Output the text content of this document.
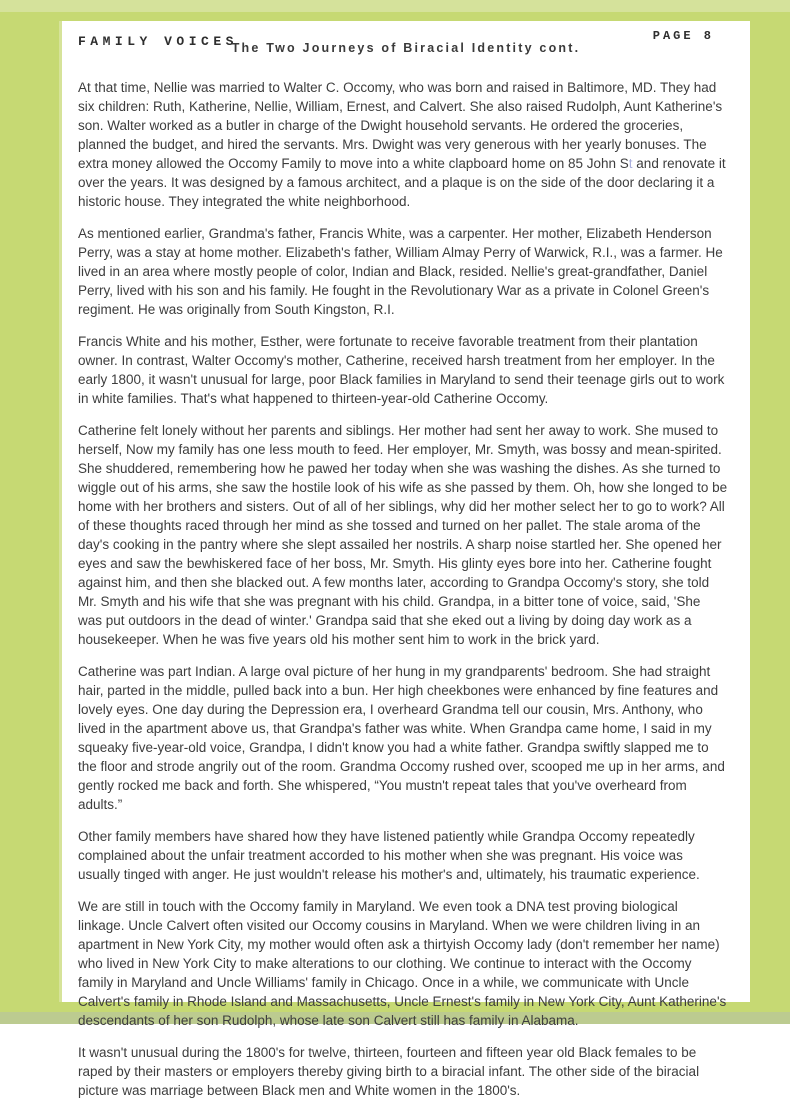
FAMILY VOICES
The Two Journeys of Biracial Identity cont.
PAGE 8

At that time, Nellie was married to Walter C. Occomy, who was born and raised in Baltimore, MD. They had six children: Ruth, Katherine, Nellie, William, Ernest, and Calvert. She also raised Rudolph, Aunt Katherine's son. Walter worked as a butler in charge of the Dwight household servants. He ordered the groceries, planned the budget, and hired the servants. Mrs. Dwight was very generous with her yearly bonuses. The extra money allowed the Occomy Family to move into a white clapboard home on 85 John St and renovate it over the years. It was designed by a famous architect, and a plaque is on the side of the door declaring it a historic house. They integrated the white neighborhood.

As mentioned earlier, Grandma's father, Francis White, was a carpenter. Her mother, Elizabeth Henderson Perry, was a stay at home mother. Elizabeth's father, William Almay Perry of Warwick, R.I., was a farmer. He lived in an area where mostly people of color, Indian and Black, resided. Nellie's great-grandfather, Daniel Perry, lived with his son and his family. He fought in the Revolutionary War as a private in Colonel Green's regiment. He was originally from South Kingston, R.I.

Francis White and his mother, Esther, were fortunate to receive favorable treatment from their plantation owner. In contrast, Walter Occomy's mother, Catherine, received harsh treatment from her employer. In the early 1800, it wasn't unusual for large, poor Black families in Maryland to send their teenage girls out to work in white families. That's what happened to thirteen-year-old Catherine Occomy.

Catherine felt lonely without her parents and siblings. Her mother had sent her away to work. She mused to herself, Now my family has one less mouth to feed. Her employer, Mr. Smyth, was bossy and mean-spirited. She shuddered, remembering how he pawed her today when she was washing the dishes. As she turned to wiggle out of his arms, she saw the hostile look of his wife as she passed by them. Oh, how she longed to be home with her brothers and sisters. Out of all of her siblings, why did her mother select her to go to work? All of these thoughts raced through her mind as she tossed and turned on her pallet. The stale aroma of the day's cooking in the pantry where she slept assailed her nostrils. A sharp noise startled her. She opened her eyes and saw the bewhiskered face of her boss, Mr. Smyth. His glinty eyes bore into her. Catherine fought against him, and then she blacked out. A few months later, according to Grandpa Occomy's story, she told Mr. Smyth and his wife that she was pregnant with his child. Grandpa, in a bitter tone of voice, said, 'She was put outdoors in the dead of winter.' Grandpa said that she eked out a living by doing day work as a housekeeper. When he was five years old his mother sent him to work in the brick yard.

Catherine was part Indian. A large oval picture of her hung in my grandparents' bedroom. She had straight hair, parted in the middle, pulled back into a bun. Her high cheekbones were enhanced by fine features and lovely eyes. One day during the Depression era, I overheard Grandma tell our cousin, Mrs. Anthony, who lived in the apartment above us, that Grandpa's father was white. When Grandpa came home, I said in my squeaky five-year-old voice, Grandpa, I didn't know you had a white father. Grandpa swiftly slapped me to the floor and strode angrily out of the room. Grandma Occomy rushed over, scooped me up in her arms, and gently rocked me back and forth. She whispered, “You mustn't repeat tales that you've overheard from adults.”

Other family members have shared how they have listened patiently while Grandpa Occomy repeatedly complained about the unfair treatment accorded to his mother when she was pregnant. His voice was usually tinged with anger. He just wouldn't release his mother's and, ultimately, his traumatic experience.

We are still in touch with the Occomy family in Maryland. We even took a DNA test proving biological linkage. Uncle Calvert often visited our Occomy cousins in Maryland. When we were children living in an apartment in New York City, my mother would often ask a thirtyish Occomy lady (don't remember her name) who lived in New York City to make alterations to our clothing. We continue to interact with the Occomy family in Maryland and Uncle Williams' family in Chicago. Once in a while, we communicate with Uncle Calvert's family in Rhode Island and Massachusetts, Uncle Ernest's family in New York City, Aunt Katherine's descendants of her son Rudolph, whose late son Calvert still has family in Alabama.

It wasn't unusual during the 1800's for twelve, thirteen, fourteen and fifteen year old Black females to be raped by their masters or employers thereby giving birth to a biracial infant. The other side of the biracial picture was marriage between Black men and White women in the 1800's.
